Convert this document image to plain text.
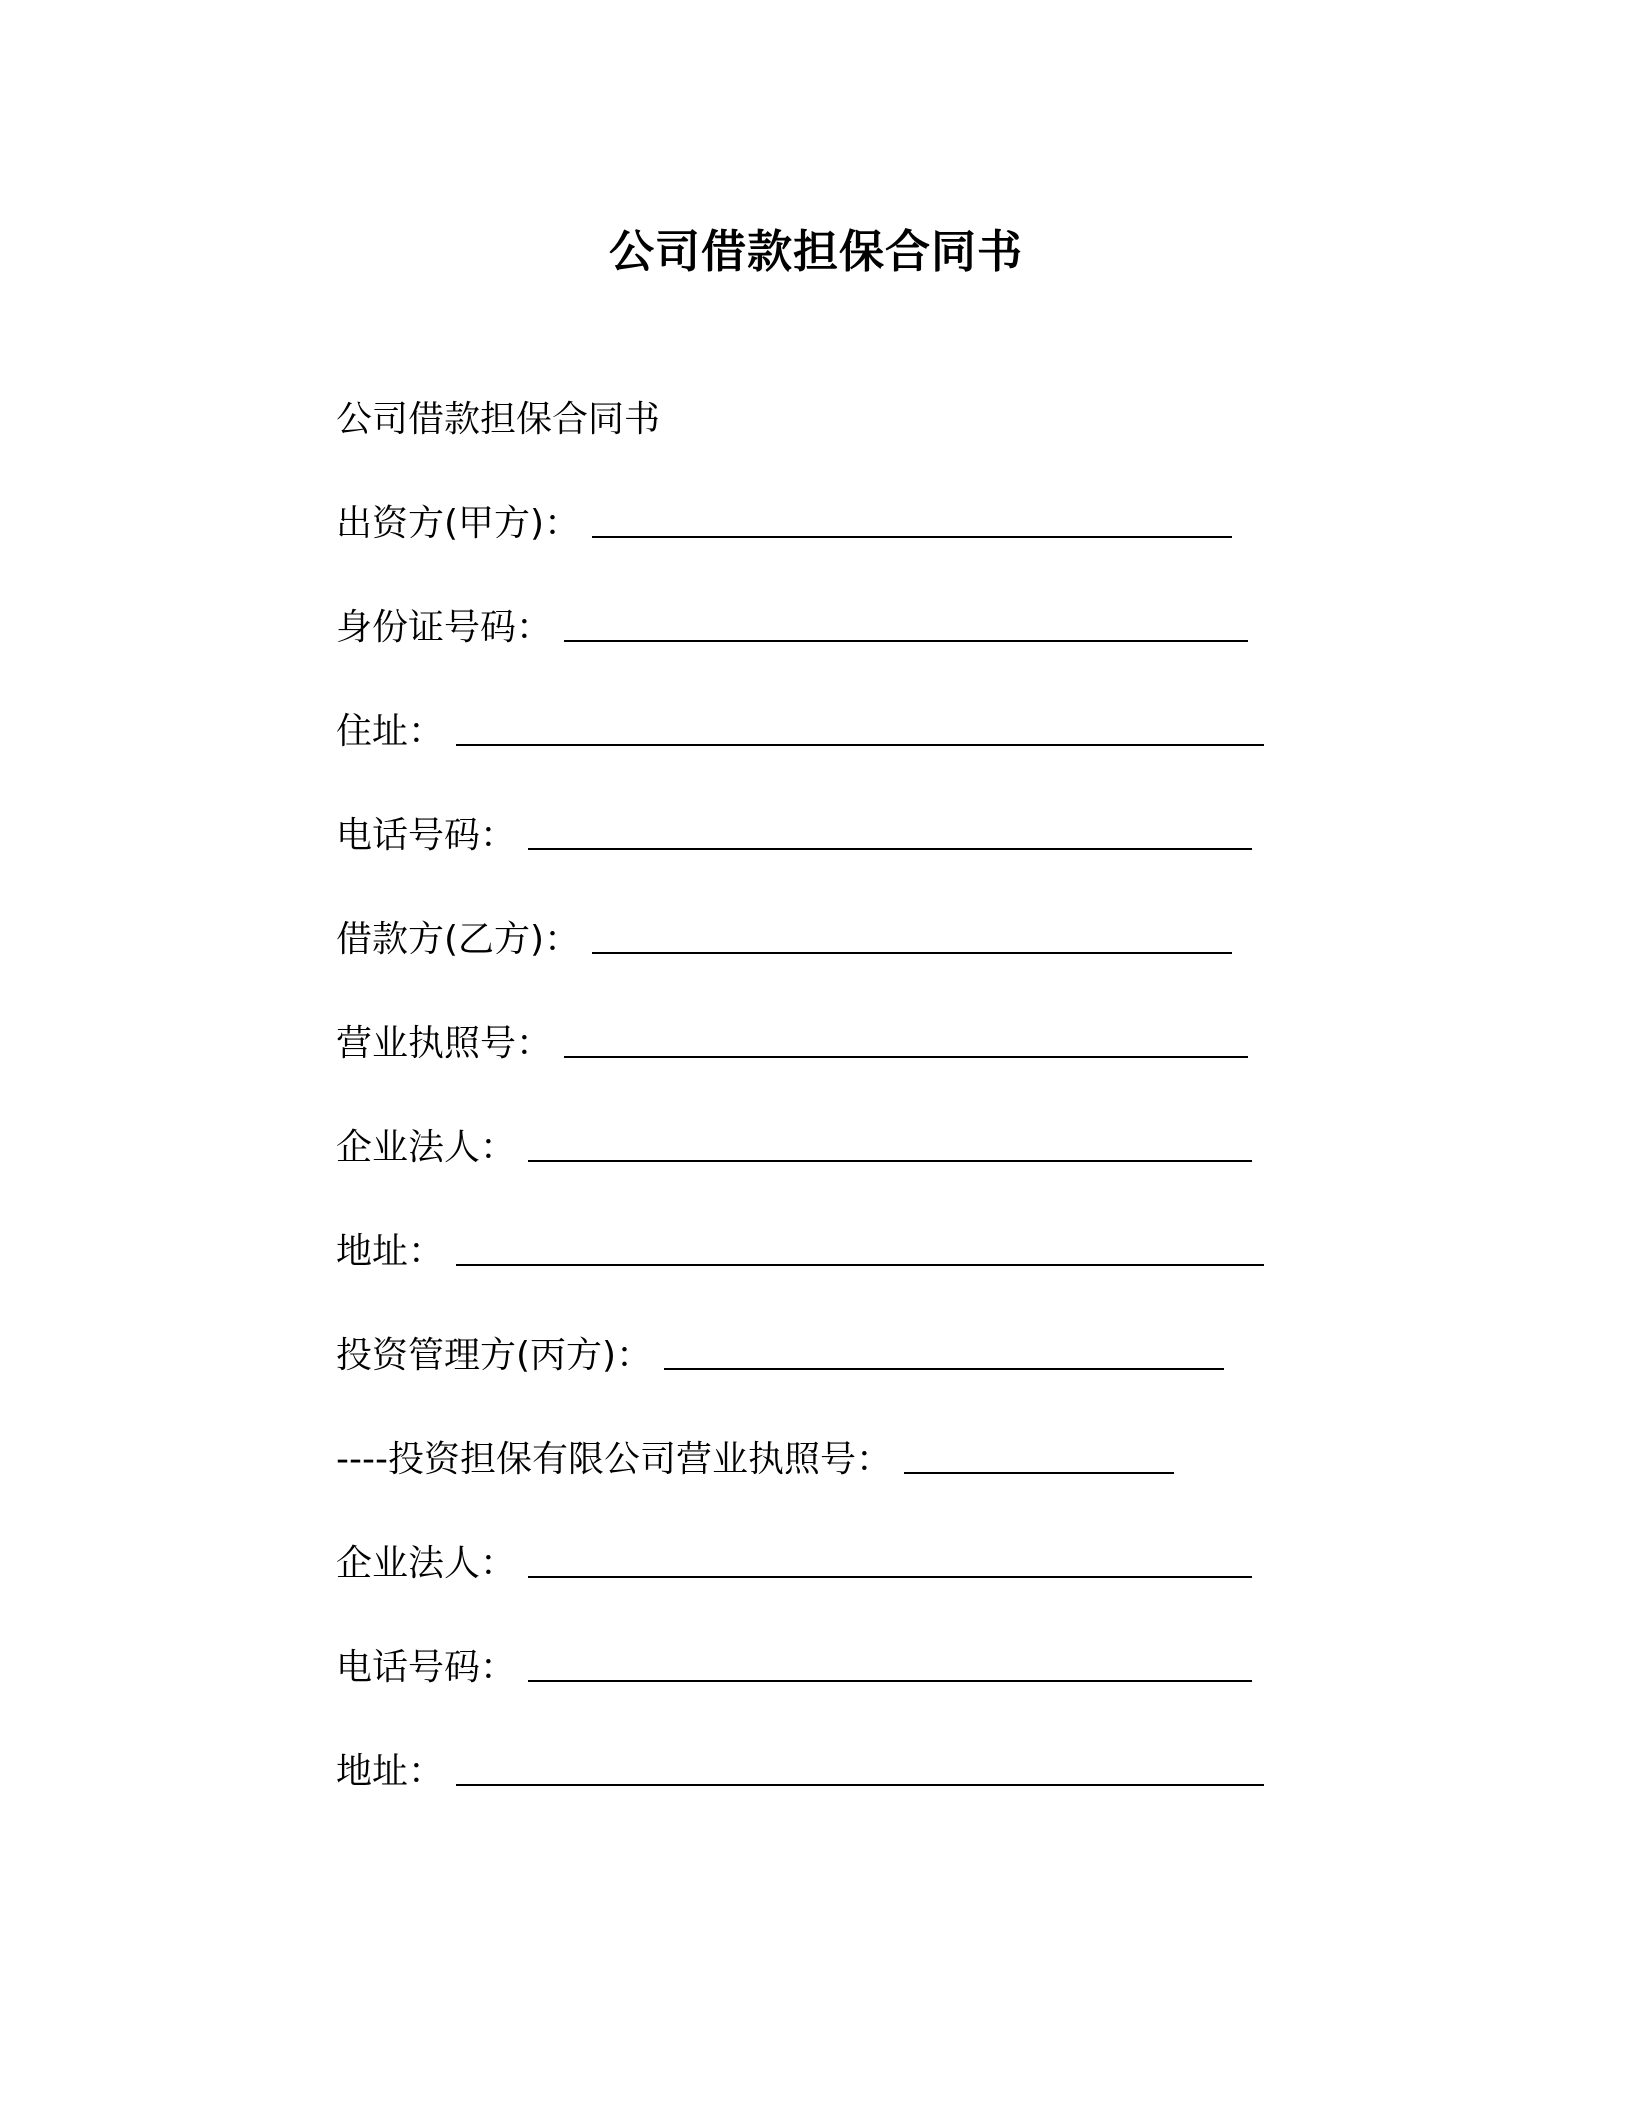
公司借款担保合同书
公司借款担保合同书
出资方(甲方)：
身份证号码：
住址：
电话号码：
借款方(乙方)：
营业执照号：
企业法人：
地址：
投资管理方(丙方)：
----投资担保有限公司营业执照号：
企业法人：
电话号码：
地址：
